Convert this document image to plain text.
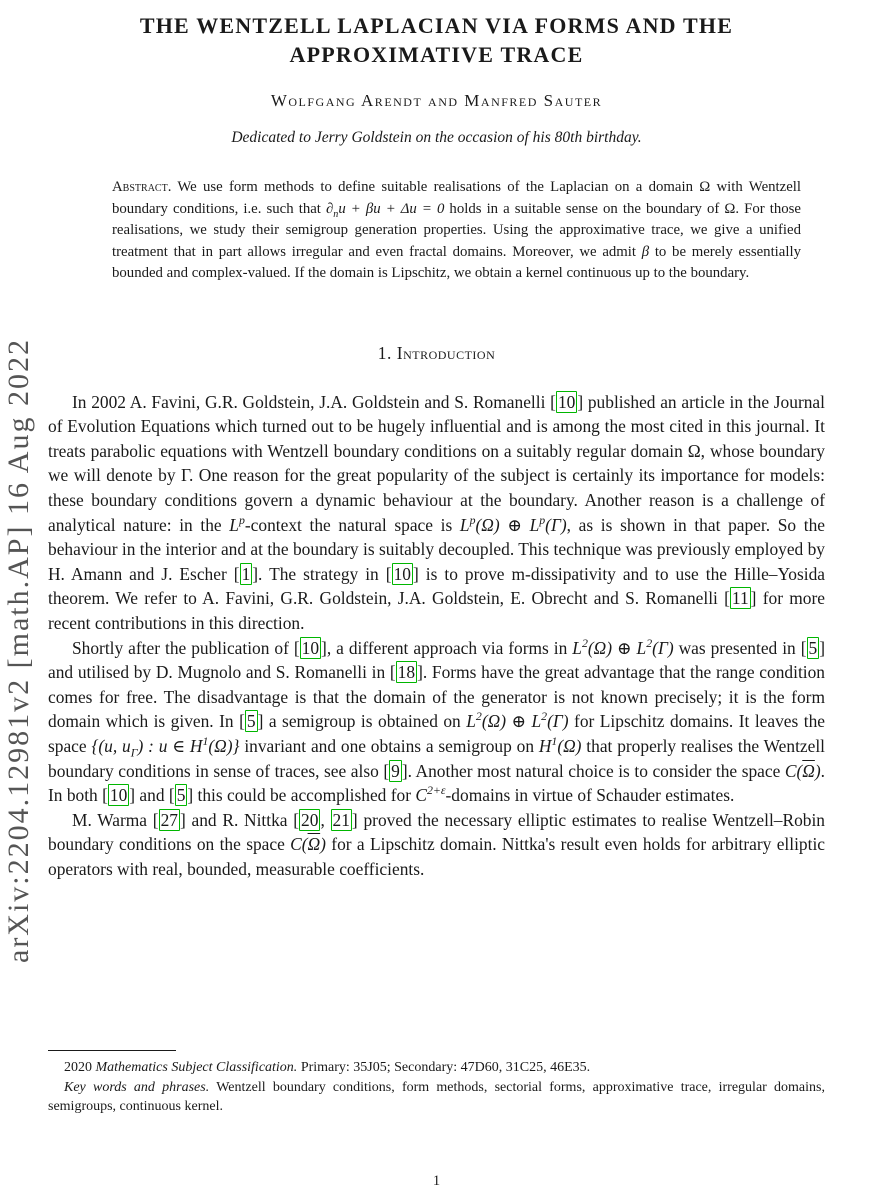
arXiv:2204.12981v2 [math.AP] 16 Aug 2022
THE WENTZELL LAPLACIAN VIA FORMS AND THE
APPROXIMATIVE TRACE
Wolfgang Arendt and Manfred Sauter
Dedicated to Jerry Goldstein on the occasion of his 80th birthday.

Abstract. We use form methods to define suitable realisations of the Laplacian on a domain Ω with Wentzell boundary conditions, i.e. such that $\partial_nu + \beta u + \Delta u = 0$ holds in a suitable sense on the boundary of Ω. For those realisations, we study their semigroup generation properties. Using the approximative trace, we give a unified treatment that in part allows irregular and even fractal domains. Moreover, we admit β to be merely essentially bounded and complex-valued. If the domain is Lipschitz, we obtain a kernel continuous up to the boundary.

1. Introduction

In 2002 A. Favini, G.R. Goldstein, J.A. Goldstein and S. Romanelli [ 10 ] published an article in the Journal of Evolution Equations which turned out to be hugely influential and is among the most cited in this journal. It treats parabolic equations with Wentzell boundary conditions on a suitably regular domain Ω, whose boundary we will denote by Γ. One reason for the great popularity of the subject is certainly its importance for models: these boundary conditions govern a dynamic behaviour at the boundary. Another reason is a challenge of analytical nature: in the $L^p$-context the natural space is $L^p(\Omega)$ ⊕ $L^p(\Gamma)$, as is shown in that paper. So the behaviour in the interior and at the boundary is suitably decoupled. This technique was previously employed by H. Amann and J. Escher [ 1 ]. The strategy in [ 10 ] is to prove m-dissipativity and to use the Hille–Yosida theorem. We refer to A. Favini, G.R. Goldstein, J.A. Goldstein, E. Obrecht and S. Romanelli [ 11 ] for more recent contributions in this direction.

Shortly after the publication of [ 10 ], a different approach via forms in $L^2(\Omega)$ ⊕ $L^2(\Gamma)$ was presented in [ 5 ] and utilised by D. Mugnolo and S. Romanelli in [ 18 ]. Forms have the great advantage that the range condition comes for free. The disadvantage is that the domain of the generator is not known precisely; it is the form domain which is given. In [ 5 ] a semigroup is obtained on $L^2(\Omega)$ ⊕ $L^2(\Gamma)$ for Lipschitz domains. It leaves the space {(u, $u_\Gamma$) : u ∈ $H^1(\Omega)$} invariant and one obtains a semigroup on $H^1(\Omega)$ that properly realises the Wentzell boundary conditions in sense of traces, see also [ 9 ]. Another most natural choice is to consider the space $C(\overline{\Omega})$. In both [ 10 ] and [ 5 ] this could be accomplished for $C^{2+\varepsilon}$-domains in virtue of Schauder estimates.

M. Warma [ 27 ] and R. Nittka [ 20 , 21 ] proved the necessary elliptic estimates to realise Wentzell–Robin boundary conditions on the space $C(\overline{\Omega})$ for a Lipschitz domain. Nittka's result even holds for arbitrary elliptic operators with real, bounded, measurable coefficients.

2020 Mathematics Subject Classification. Primary: 35J05; Secondary: 47D60, 31C25, 46E35.

Key words and phrases. Wentzell boundary conditions, form methods, sectorial forms, approximative trace, irregular domains, semigroups, continuous kernel.

1
